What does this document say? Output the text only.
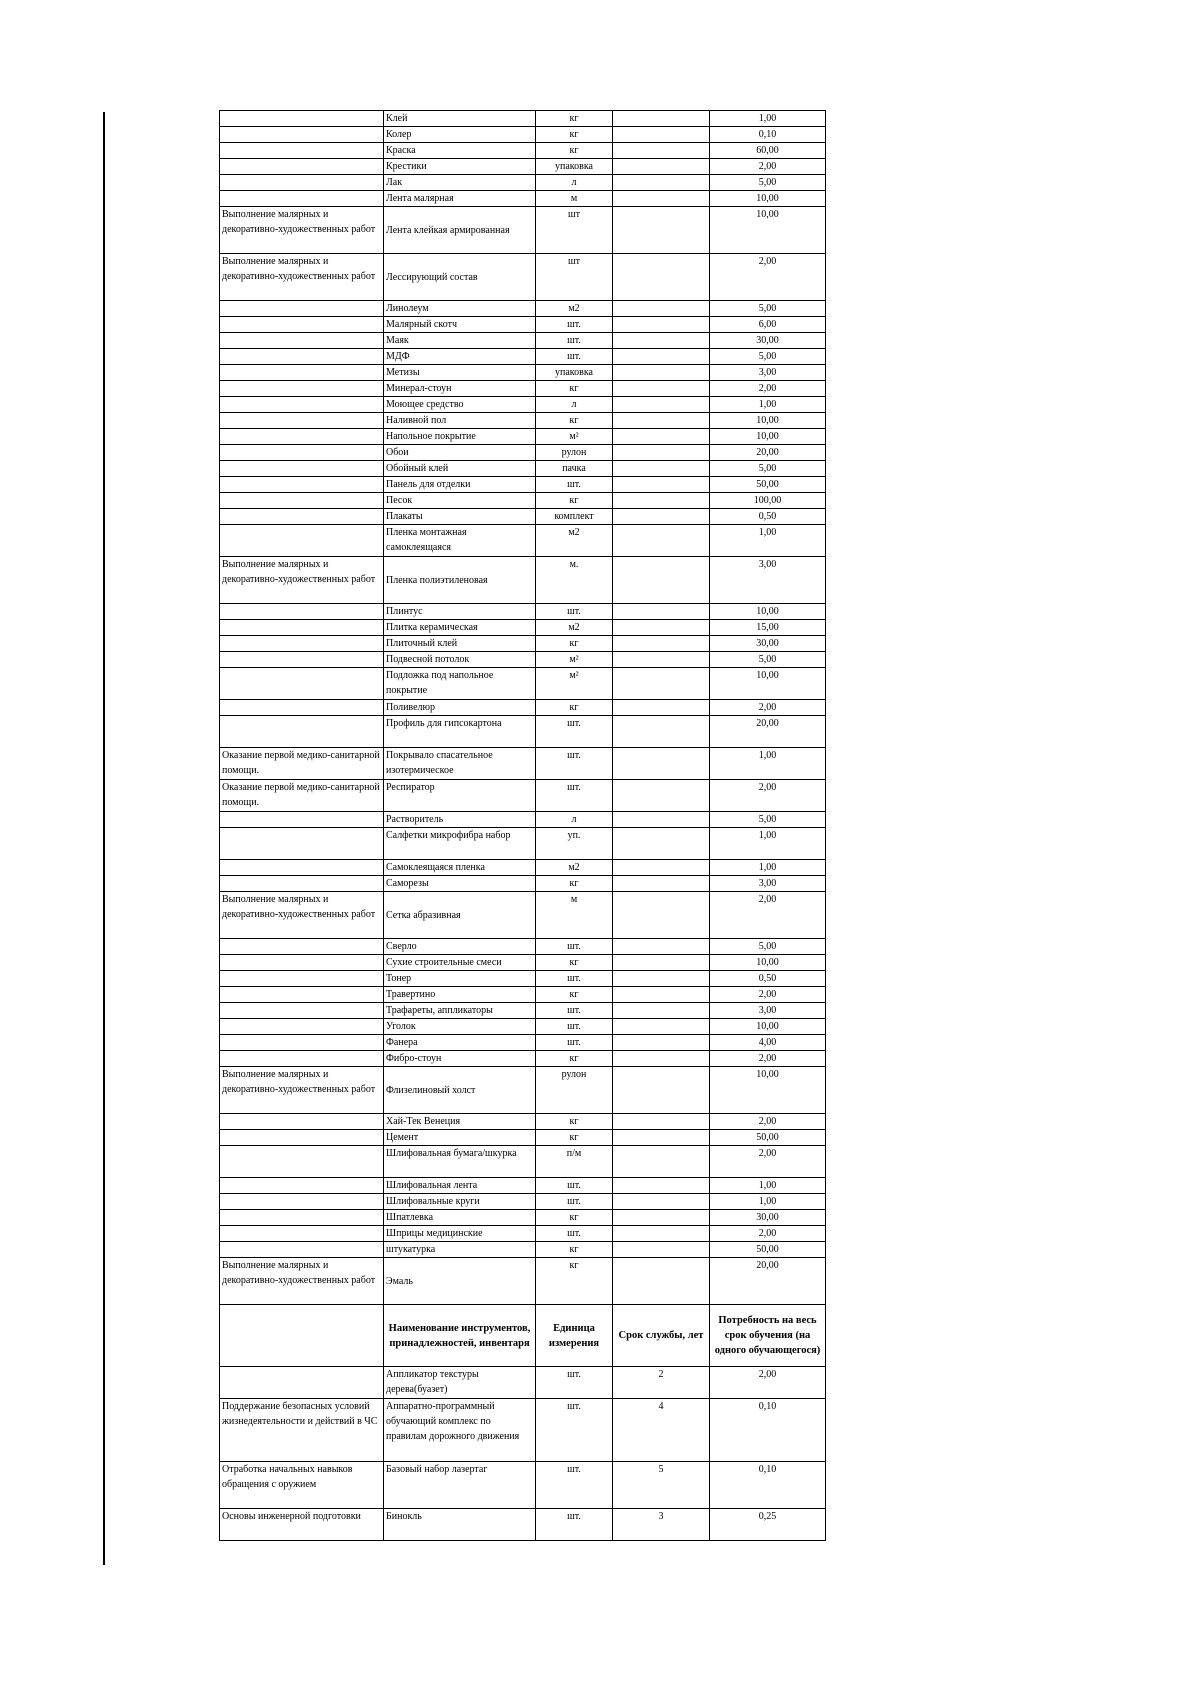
	Клей	кг		1,00
	Колер	кг		0,10
	Краска	кг		60,00
	Крестики	упаковка		2,00
	Лак	л		5,00
	Лента малярная	м		10,00
Выполнение малярных и декоративно-художественных работ	Лента клейкая армированная	шт		10,00
Выполнение малярных и декоративно-художественных работ	Лессирующий состав	шт		2,00
	Линолеум	м2		5,00
	Малярный скотч	шт.		6,00
	Маяк	шт.		30,00
	МДФ	шт.		5,00
	Метизы	упаковка		3,00
	Минерал-стоун	кг		2,00
	Моющее средство	л		1,00
	Наливной пол	кг		10,00
	Напольное покрытие	м²		10,00
	Обои	рулон		20,00
	Обойный клей	пачка		5,00
	Панель для отделки	шт.		50,00
	Песок	кг		100,00
	Плакаты	комплект		0,50
	Пленка монтажная самоклеящаяся	м2		1,00
Выполнение малярных и декоративно-художественных работ	Пленка полиэтиленовая	м.		3,00
	Плинтус	шт.		10,00
	Плитка керамическая	м2		15,00
	Плиточный клей	кг		30,00
	Подвесной потолок	м²		5,00
	Подложка под напольное покрытие	м²		10,00
	Поливелюр	кг		2,00
	Профиль для гипсокартона	шт.		20,00
Оказание первой медико-санитарной помощи.	Покрывало спасательное изотермическое	шт.		1,00
Оказание первой медико-санитарной помощи.	Респиратор	шт.		2,00
	Растворитель	л		5,00
	Салфетки микрофибра набор	уп.		1,00
	Самоклеящаяся пленка	м2		1,00
	Саморезы	кг		3,00
Выполнение малярных и декоративно-художественных работ	Сетка абразивная	м		2,00
	Сверло	шт.		5,00
	Сухие строительные смеси	кг		10,00
	Тонер	шт.		0,50
	Травертино	кг		2,00
	Трафареты, аппликаторы	шт.		3,00
	Уголок	шт.		10,00
	Фанера	шт.		4,00
	Фибро-стоун	кг		2,00
Выполнение малярных и декоративно-художественных работ	Флизелиновый холст	рулон		10,00
	Хай-Тек Венеция	кг		2,00
	Цемент	кг		50,00
	Шлифовальная бумага/шкурка	п/м		2,00
	Шлифовальная лента	шт.		1,00
	Шлифовальные круги	шт.		1,00
	Шпатлевка	кг		30,00
	Шприцы медицинские	шт.		2,00
	штукатурка	кг		50,00
Выполнение малярных и декоративно-художественных работ	Эмаль	кг		20,00
	Наименование инструментов, принадлежностей, инвентаря	Единица измерения	Срок службы, лет	Потребность на весь срок обучения (на одного обучающегося)
	Аппликатор текстуры дерева(буазет)	шт.	2	2,00
Поддержание безопасных условий жизнедеятельности и действий в ЧС	Аппаратно-программный обучающий комплекс по правилам дорожного движения	шт.	4	0,10
Отработка начальных навыков обращения с оружием	Базовый набор лазертаг	шт.	5	0,10
Основы инженерной подготовки	Бинокль	шт.	3	0,25
